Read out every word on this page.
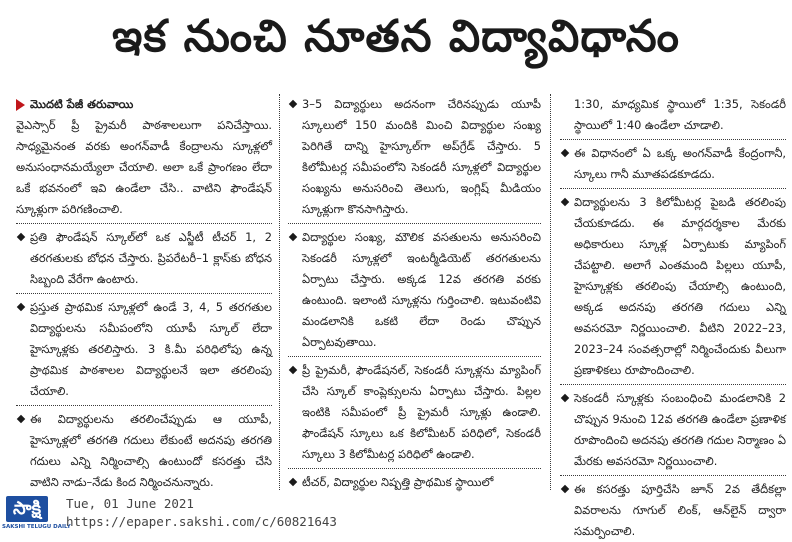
ఇక నుంచి నూతన విద్యావిధానం
మొదటి పేజీ తరువాయి
వైఎస్సార్ ప్రీ ప్రైమరీ పాఠశాలలుగా పనిచేస్తాయి. సాధ్యమైనంత వరకు అంగన్‌వాడీ కేంద్రాలను స్కూళ్లలో అనుసంధానమయ్యేలా చేయాలి. అలా ఒకే ప్రాంగణం లేదా ఒకే భవనంలో ఇవి ఉండేలా చేసి.. వాటిని ఫౌండేషన్ స్కూళ్లుగా పరిగణించాలి.
ప్రతి ఫౌండేషన్ స్కూల్‌లో ఒక ఎస్జీటీ టీచర్ 1, 2 తరగతులకు బోధన చేస్తారు. ప్రిపరేటరీ–1 క్లాస్‌కు బోధన సిబ్బంది వేరేగా ఉంటారు.
ప్రస్తుత ప్రాథమిక స్కూళ్లలో ఉండే 3, 4, 5 తరగతుల విద్యార్థులను సమీపంలోని యూపీ స్కూల్ లేదా హైస్కూళ్లకు తరలిస్తారు. 3 కి.మీ పరిధిలోపు ఉన్న ప్రాథమిక పాఠశాలల విద్యార్థులనే ఇలా తరలింపు చేయాలి.
ఈ విద్యార్థులను తరలించేప్పుడు ఆ యూపీ, హైస్కూళ్లలో తరగతి గదులు లేకుంటే అదనపు తరగతి గదులు ఎన్ని నిర్మించాల్సి ఉంటుందో కసరత్తు చేసి వాటిని నాడు–నేడు కింద నిర్మించనున్నారు.
3–5 విద్యార్థులు అదనంగా చేరినప్పుడు యూపీ స్కూలులో 150 మందికి మించి విద్యార్థుల సంఖ్య పెరిగితే దాన్ని హైస్కూల్‌గా అప్‌గ్రేడ్ చేస్తారు. 5 కిలోమీటర్ల సమీపంలోని సెకండరీ స్కూళ్లలో విద్యార్థుల సంఖ్యను అనుసరించి తెలుగు, ఇంగ్లిష్ మీడియం స్కూళ్లుగా కొనసాగిస్తారు.
విద్యార్థుల సంఖ్య, మౌలిక వసతులను అనుసరించి సెకండరీ స్కూళ్లలో ఇంటర్మీడియెట్ తరగతులను ఏర్పాటు చేస్తారు. అక్కడ 12వ తరగతి వరకు ఉంటుంది. ఇలాంటి స్కూళ్లను గుర్తించాలి. ఇటువంటివి మండలానికి ఒకటి లేదా రెండు చొప్పున ఏర్పాటవుతాయి.
ప్రీ ప్రైమరీ, ఫౌండేషనల్, సెకండరీ స్కూళ్లను మ్యాపింగ్ చేసి స్కూల్ కాంప్లెక్సులను ఏర్పాటు చేస్తారు. పిల్లల ఇంటికి సమీపంలో ప్రీ ప్రైమరీ స్కూళ్లు ఉండాలి. ఫౌండేషన్ స్కూలు ఒక కిలోమీటర్ పరిధిలో, సెకండరీ స్కూలు 3 కిలోమీటర్ల పరిధిలో ఉండాలి.
టీచర్, విద్యార్థుల నిష్పత్తి ప్రాథమిక స్థాయిలో
1:30, మాధ్యమిక స్థాయిలో 1:35, సెకండరీ స్థాయిలో 1:40 ఉండేలా చూడాలి.
ఈ విధానంలో ఏ ఒక్క అంగన్‌వాడీ కేంద్రంగానీ, స్కూలు గానీ మూతపడకూడదు.
విద్యార్థులను 3 కిలోమీటర్ల పైబడి తరలింపు చేయకూడదు. ఈ మార్గదర్శకాల మేరకు అధికారులు స్కూళ్ల ఏర్పాటుకు మ్యాపింగ్ చేపట్టాలి. అలాగే ఎంతమంది పిల్లలు యూపీ, హైస్కూళ్లకు తరలింపు చేయాల్సి ఉంటుంది, అక్కడ అదనపు తరగతి గదులు ఎన్ని అవసరమో నిర్ణయించాలి. వీటిని 2022–23, 2023–24 సంవత్సరాల్లో నిర్మించేందుకు వీలుగా ప్రణాళికలు రూపొందించాలి.
సెకండరీ స్కూళ్లకు సంబంధించి మండలానికి 2 చొప్పున 9నుంచి 12వ తరగతి ఉండేలా ప్రణాళిక రూపొందించి అదనపు తరగతి గదుల నిర్మాణం ఏ మేరకు అవసరమో నిర్ణయించాలి.
ఈ కసరత్తు పూర్తిచేసి జూన్ 2వ తేదీకల్లా వివరాలను గూగుల్ లింక్, ఆన్‌లైన్ ద్వారా సమర్పించాలి.
సాక్షి
SAKSHI TELUGU DAILY
Tue, 01 June 2021
https://epaper.sakshi.com/c/60821643
